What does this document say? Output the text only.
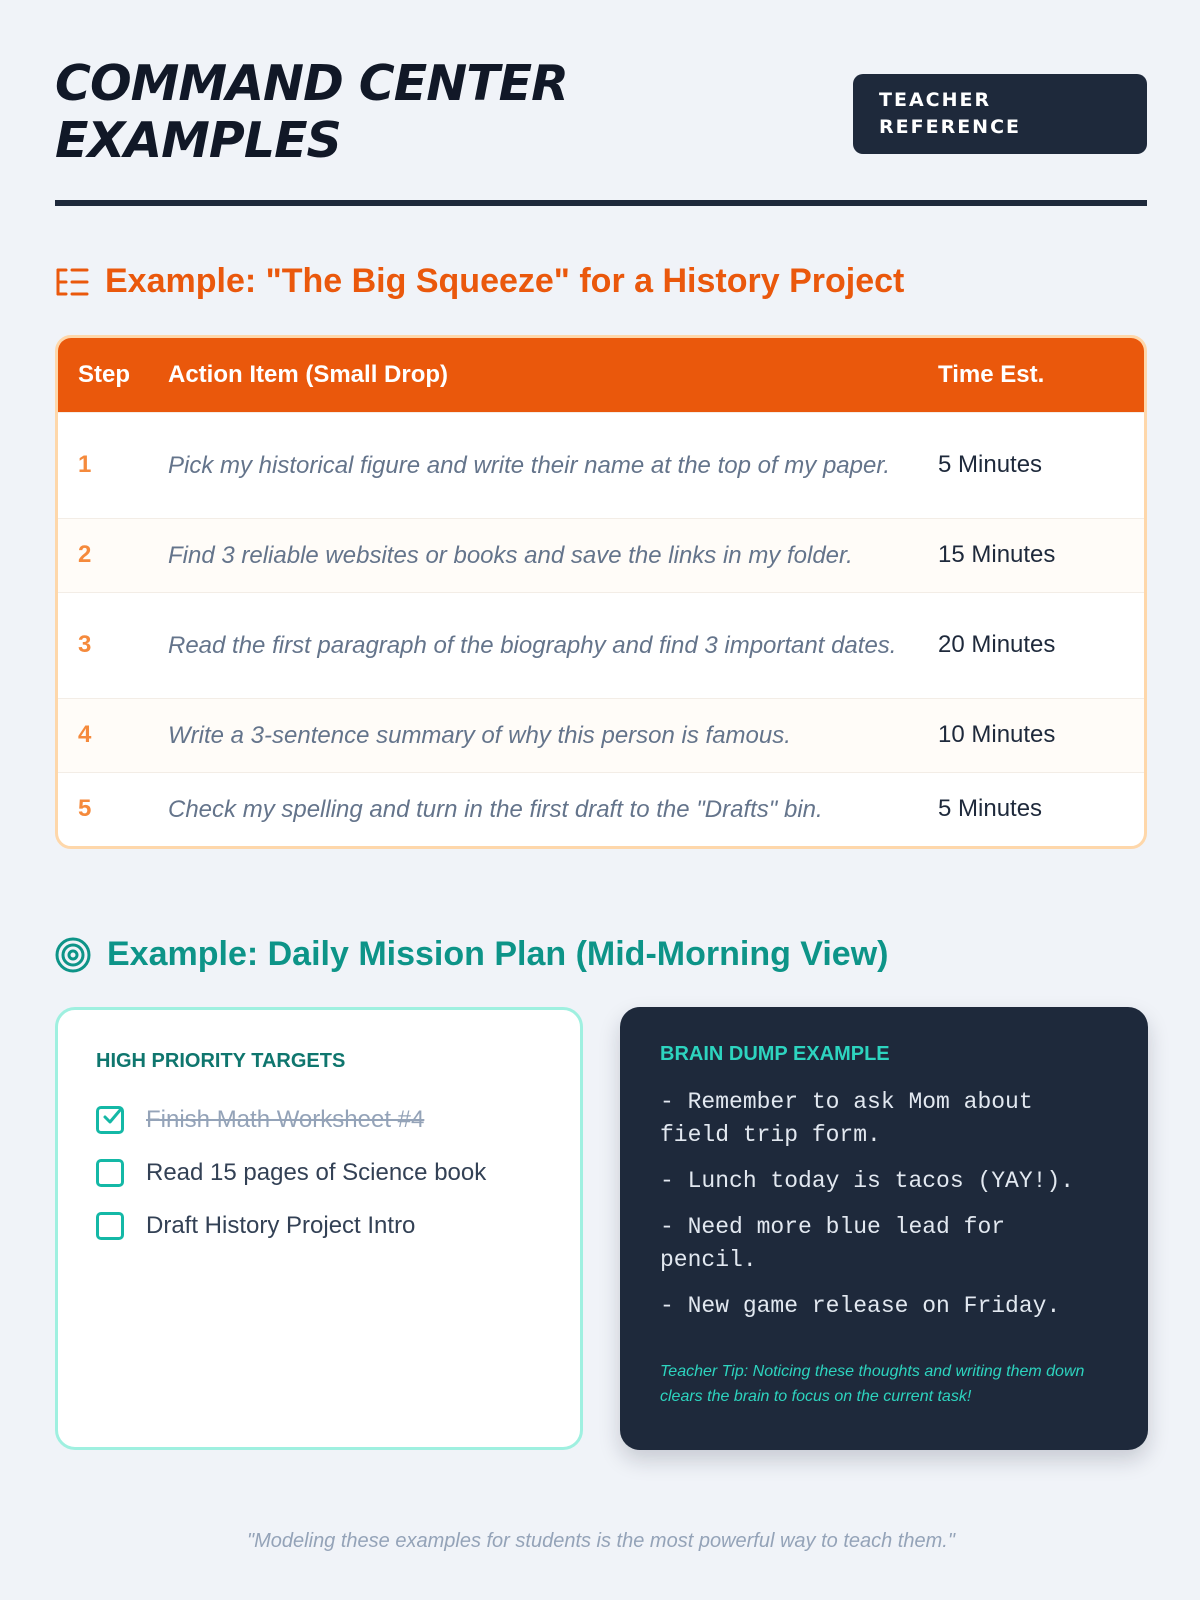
COMMAND CENTER EXAMPLES
TEACHER REFERENCE
Example: "The Big Squeeze" for a History Project
Step	Action Item (Small Drop)	Time Est.
1	Pick my historical figure and write their name at the top of my paper.	5 Minutes
2	Find 3 reliable websites or books and save the links in my folder.	15 Minutes
3	Read the first paragraph of the biography and find 3 important dates.	20 Minutes
4	Write a 3-sentence summary of why this person is famous.	10 Minutes
5	Check my spelling and turn in the first draft to the "Drafts" bin.	5 Minutes
Example: Daily Mission Plan (Mid-Morning View)
HIGH PRIORITY TARGETS
Finish Math Worksheet #4
Read 15 pages of Science book
Draft History Project Intro
BRAIN DUMP EXAMPLE

- Remember to ask Mom about field trip form.

- Lunch today is tacos (YAY!).

- Need more blue lead for pencil.

- New game release on Friday.

Teacher Tip: Noticing these thoughts and writing them down clears the brain to focus on the current task!
"Modeling these examples for students is the most powerful way to teach them."
